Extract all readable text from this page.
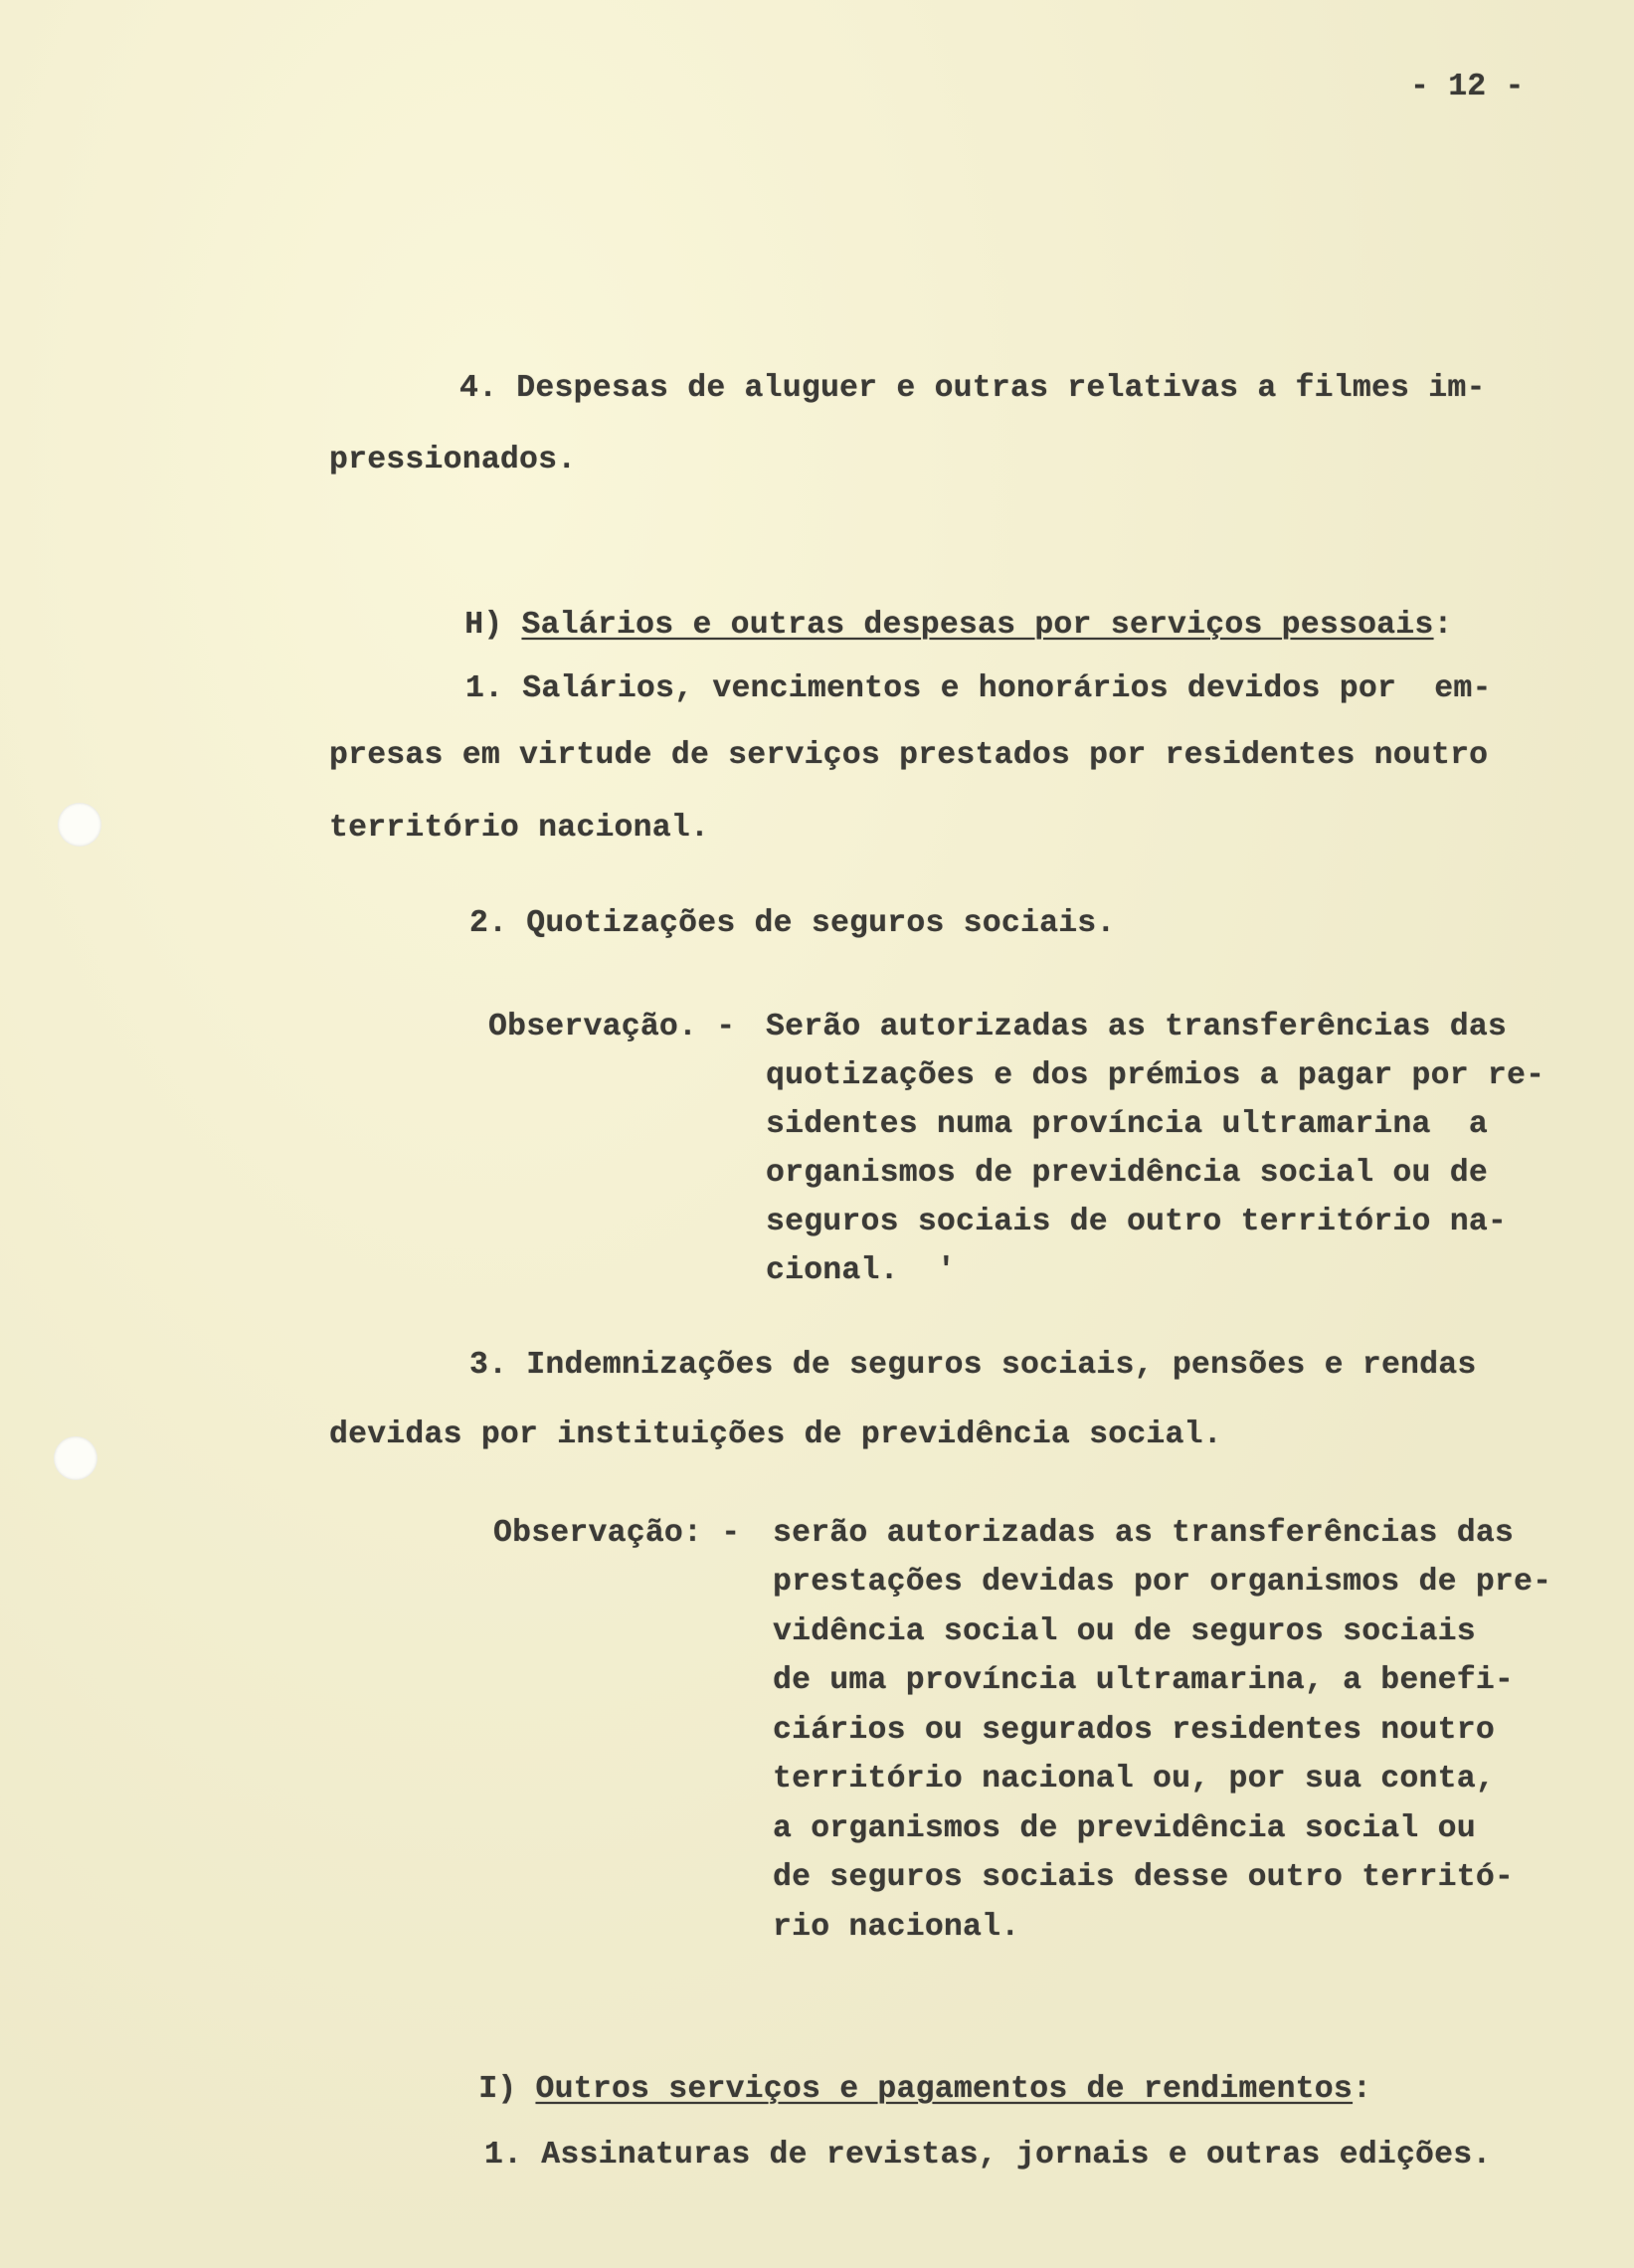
- 12 -
4. Despesas de aluguer e outras relativas a filmes im-
pressionados.

H) Salários e outras despesas por serviços pessoais:

1. Salários, vencimentos e honorários devidos por  em-
presas em virtude de serviços prestados por residentes noutro
território nacional.
2. Quotizações de seguros sociais.
Observação. - Serão autorizadas as transferências das
quotizações e dos prémios a pagar por re-
sidentes numa província ultramarina  a
organismos de previdência social ou de
seguros sociais de outro território na-
cional.  '
3. Indemnizações de seguros sociais, pensões e rendas
devidas por instituições de previdência social.
Observação: - serão autorizadas as transferências das
prestações devidas por organismos de pre-
vidência social ou de seguros sociais
de uma província ultramarina, a benefi-
ciários ou segurados residentes noutro
território nacional ou, por sua conta,
a organismos de previdência social ou
de seguros sociais desse outro territó-
rio nacional.

I) Outros serviços e pagamentos de rendimentos:

1. Assinaturas de revistas, jornais e outras edições.
